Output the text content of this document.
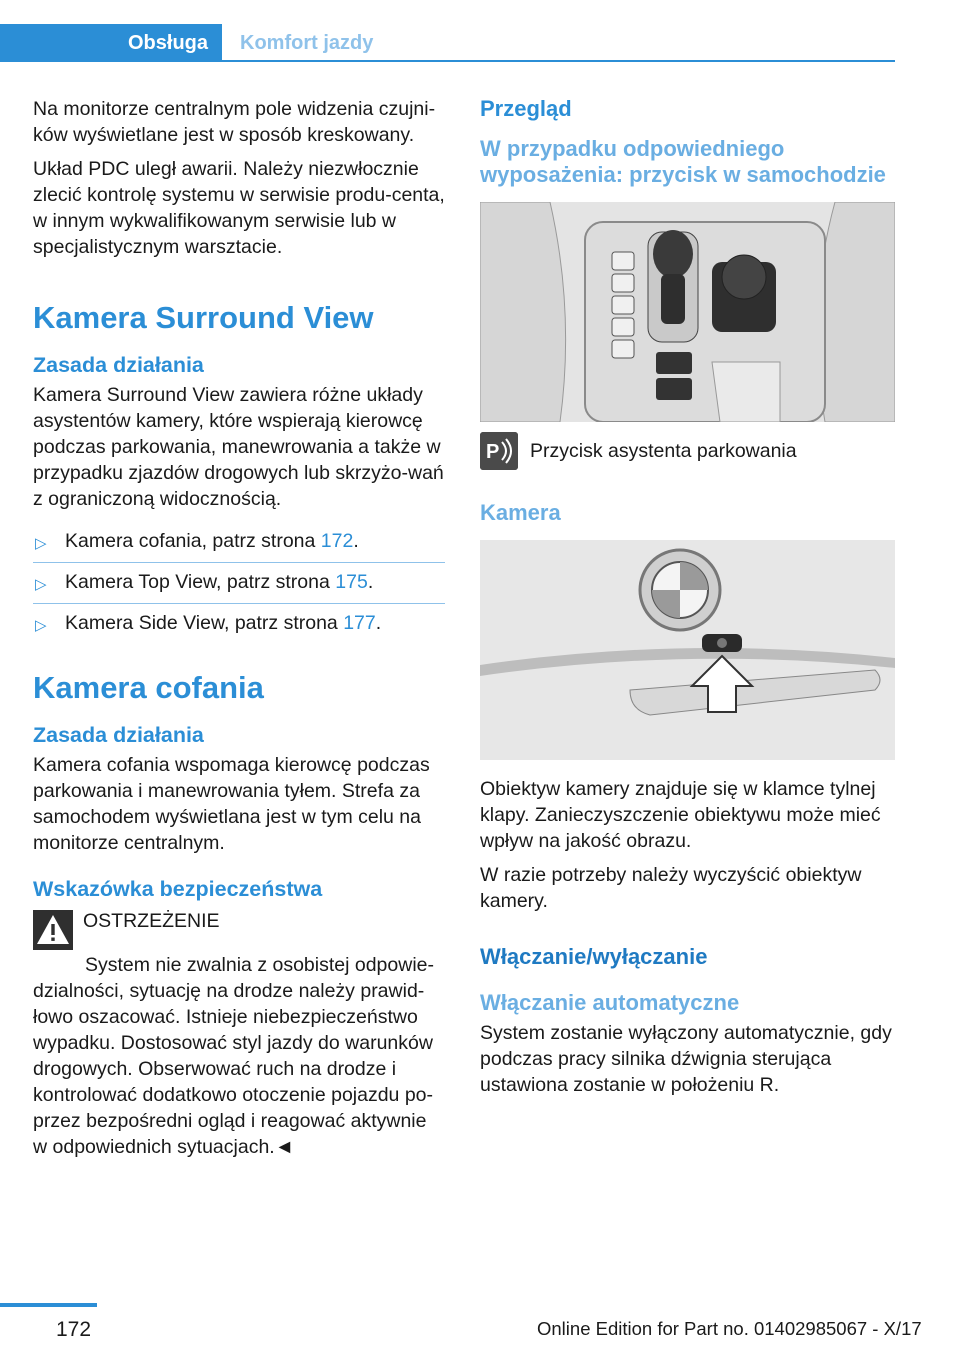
Obsługa	Komfort jazdy

Na monitorze centralnym pole widzenia czujni-ków wyświetlane jest w sposób kreskowany.

Układ PDC uległ awarii. Należy niezwłocznie zlecić kontrolę systemu w serwisie produ-centa, w innym wykwalifikowanym serwisie lub w specjalistycznym warsztacie.

Kamera Surround View
Zasada działania

Kamera Surround View zawiera różne układy asystentów kamery, które wspierają kierowcę podczas parkowania, manewrowania a także w przypadku zjazdów drogowych lub skrzyżo-wań z ograniczoną widocznością.

▷ Kamera cofania, patrz strona 172.
▷ Kamera Top View, patrz strona 175.
▷ Kamera Side View, patrz strona 177.
Kamera cofania
Zasada działania

Kamera cofania wspomaga kierowcę podczas parkowania i manewrowania tyłem. Strefa za samochodem wyświetlana jest w tym celu na monitorze centralnym.

Wskazówka bezpieczeństwa
OSTRZEŻENIE

System nie zwalnia z osobistej odpowie-dzialności, sytuację na drodze należy prawid-łowo oszacować. Istnieje niebezpieczeństwo wypadku. Dostosować styl jazdy do warunków drogowych. Obserwować ruch na drodze i kontrolować dodatkowo otoczenie pojazdu po-przez bezpośredni ogląd i reagować aktywnie w odpowiednich sytuacjach.◄

Przegląd
W przypadku odpowiedniego wyposażenia: przycisk w samochodzie
P Przycisk asystenta parkowania
Kamera

Obiektyw kamery znajduje się w klamce tylnej klapy. Zanieczyszczenie obiektywu może mieć wpływ na jakość obrazu.

W razie potrzeby należy wyczyścić obiektyw kamery.

Włączanie/wyłączanie
Włączanie automatyczne

System zostanie wyłączony automatycznie, gdy podczas pracy silnika dźwignia sterująca ustawiona zostanie w położeniu R.

172	Online Edition for Part no. 01402985067 - X/17
